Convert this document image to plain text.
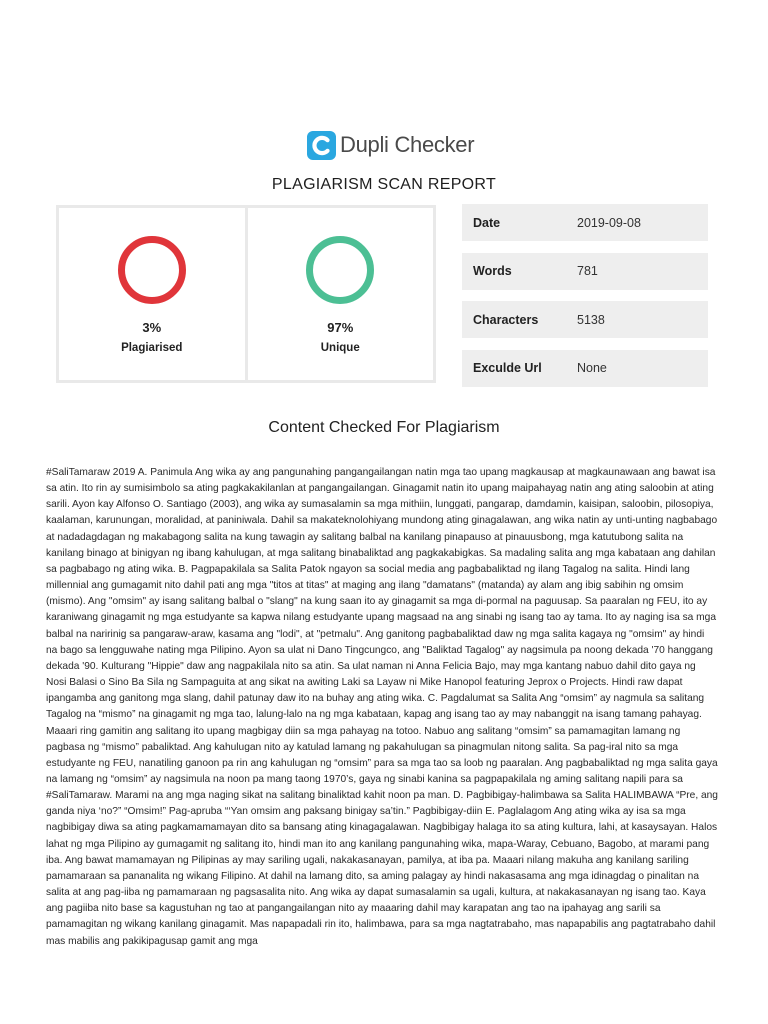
Dupli Checker
PLAGIARISM SCAN REPORT
3%
Plagiarised
97%
Unique
Date	2019-09-08
Words	781
Characters	5138
Exculde Url	None
Content Checked For Plagiarism

#SaliTamaraw 2019 A. Panimula Ang wika ay ang pangunahing pangangailangan natin mga tao upang magkausap at magkaunawaan ang bawat isa sa atin. Ito rin ay sumisimbolo sa ating pagkakakilanlan at pangangailangan. Ginagamit natin ito upang maipahayag natin ang ating saloobin at ating sarili. Ayon kay Alfonso O. Santiago (2003), ang wika ay sumasalamin sa mga mithiin, lunggati, pangarap, damdamin, kaisipan, saloobin, pilosopiya, kaalaman, karunungan, moralidad, at paniniwala. Dahil sa makateknolohiyang mundong ating ginagalawan, ang wika natin ay unti-unting nagbabago at nadadagdagan ng makabagong salita na kung tawagin ay salitang balbal na kanilang pinapauso at pinauusbong, mga katutubong salita na kanilang binago at binigyan ng ibang kahulugan, at mga salitang binabaliktad ang pagkakabigkas. Sa madaling salita ang mga kabataan ang dahilan sa pagbabago ng ating wika. B. Pagpapakilala sa Salita Patok ngayon sa social media ang pagbabaliktad ng ilang Tagalog na salita. Hindi lang millennial ang gumagamit nito dahil pati ang mga "titos at titas" at maging ang ilang "damatans" (matanda) ay alam ang ibig sabihin ng omsim (mismo). Ang "omsim" ay isang salitang balbal o "slang" na kung saan ito ay ginagamit sa mga di-pormal na paguusap. Sa paaralan ng FEU, ito ay karaniwang ginagamit ng mga estudyante sa kapwa nilang estudyante upang magsaad na ang sinabi ng isang tao ay tama. Ito ay naging isa sa mga balbal na naririnig sa pangaraw-araw, kasama ang "lodi", at "petmalu". Ang ganitong pagbabaliktad daw ng mga salita kagaya ng "omsim" ay hindi na bago sa lengguwahe nating mga Pilipino. Ayon sa ulat ni Dano Tingcungco, ang "Baliktad Tagalog" ay nagsimula pa noong dekada '70 hanggang dekada '90. Kulturang "Hippie" daw ang nagpakilala nito sa atin. Sa ulat naman ni Anna Felicia Bajo, may mga kantang nabuo dahil dito gaya ng Nosi Balasi o Sino Ba Sila ng Sampaguita at ang sikat na awiting Laki sa Layaw ni Mike Hanopol featuring Jeprox o Projects. Hindi raw dapat ipangamba ang ganitong mga slang, dahil patunay daw ito na buhay ang ating wika. C. Pagdalumat sa Salita Ang “omsim” ay nagmula sa salitang Tagalog na “mismo” na ginagamit ng mga tao, lalung-lalo na ng mga kabataan, kapag ang isang tao ay may nabanggit na isang tamang pahayag. Maaari ring gamitin ang salitang ito upang magbigay diin sa mga pahayag na totoo. Nabuo ang salitang “omsim” sa pamamagitan lamang ng pagbasa ng “mismo” pabaliktad. Ang kahulugan nito ay katulad lamang ng pakahulugan sa pinagmulan nitong salita. Sa pag-iral nito sa mga estudyante ng FEU, nanatiling ganoon pa rin ang kahulugan ng “omsim” para sa mga tao sa loob ng paaralan. Ang pagbabaliktad ng mga salita gaya na lamang ng “omsim” ay nagsimula na noon pa mang taong 1970’s, gaya ng sinabi kanina sa pagpapakilala ng aming salitang napili para sa #SaliTamaraw. Marami na ang mga naging sikat na salitang binaliktad kahit noon pa man. D. Pagbibigay-halimbawa sa Salita HALIMBAWA “Pre, ang ganda niya ‘no?” “Omsim!” Pag-apruba “‘Yan omsim ang paksang binigay sa’tin.” Pagbibigay-diin E. Paglalagom Ang ating wika ay isa sa mga nagbibigay diwa sa ating pagkamamamayan dito sa bansang ating kinagagalawan. Nagbibigay halaga ito sa ating kultura, lahi, at kasaysayan. Halos lahat ng mga Pilipino ay gumagamit ng salitang ito, hindi man ito ang kanilang pangunahing wika, mapa-Waray, Cebuano, Bagobo, at marami pang iba. Ang bawat mamamayan ng Pilipinas ay may sariling ugali, nakakasanayan, pamilya, at iba pa. Maaari nilang makuha ang kanilang sariling pamamaraan sa pananalita ng wikang Filipino. At dahil na lamang dito, sa aming palagay ay hindi nakasasama ang mga idinagdag o pinalitan na salita at ang pag-iiba ng pamamaraan ng pagsasalita nito. Ang wika ay dapat sumasalamin sa ugali, kultura, at nakakasanayan ng isang tao. Kaya ang pagiiba nito base sa kagustuhan ng tao at pangangailangan nito ay maaaring dahil may karapatan ang tao na ipahayag ang sarili sa pamamagitan ng wikang kanilang ginagamit. Mas napapadali rin ito, halimbawa, para sa mga nagtatrabaho, mas napapabilis ang pagtatrabaho dahil mas mabilis ang pakikipagusap gamit ang mga
